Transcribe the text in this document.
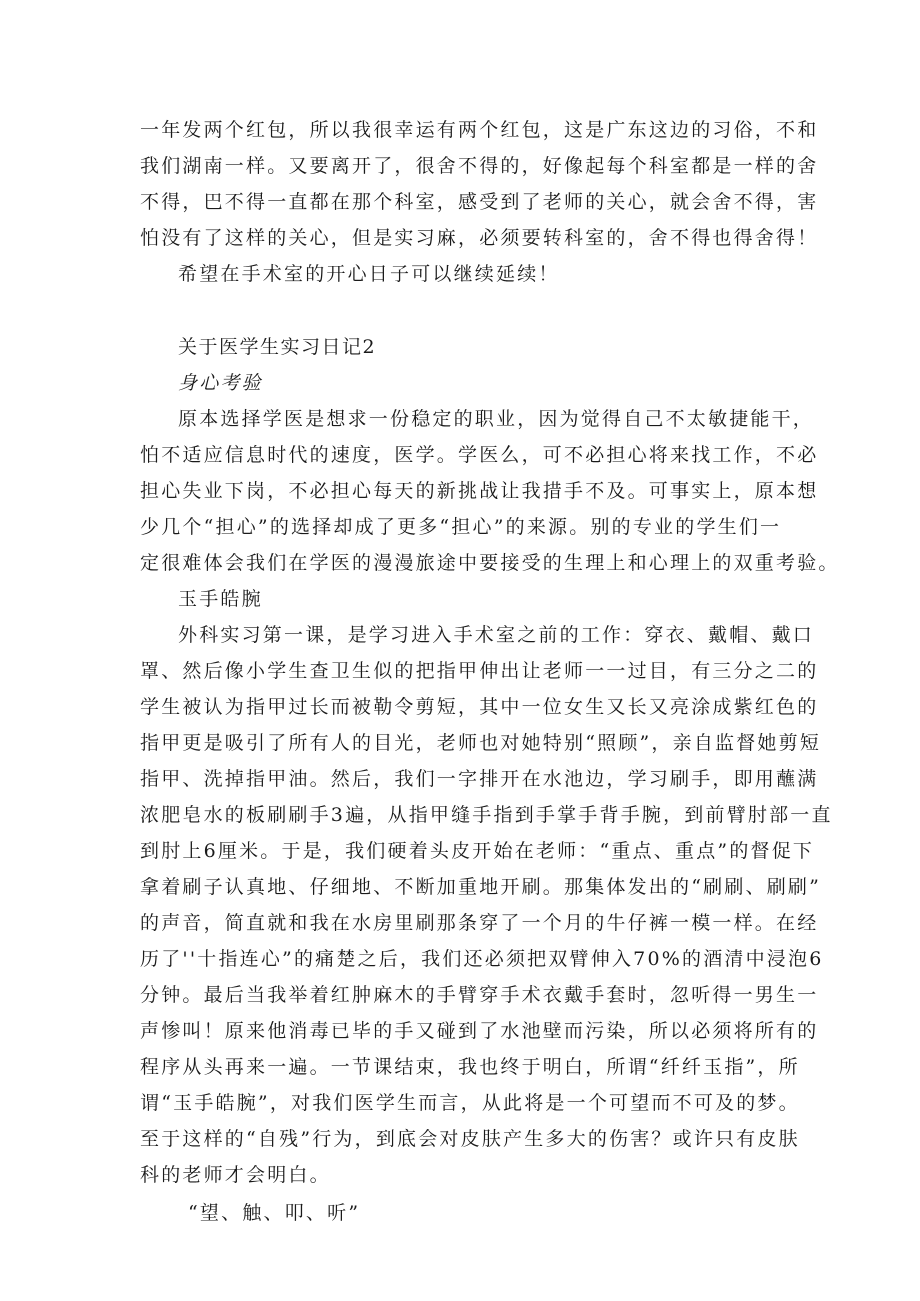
一年发两个红包，所以我很幸运有两个红包，这是广东这边的习俗，不和
我们湖南一样。又要离开了，很舍不得的，好像起每个科室都是一样的舍
不得，巴不得一直都在那个科室，感受到了老师的关心，就会舍不得，害
怕没有了这样的关心，但是实习麻，必须要转科室的，舍不得也得舍得！
希望在手术室的开心日子可以继续延续！
关于医学生实习日记2
身心考验
原本选择学医是想求一份稳定的职业，因为觉得自己不太敏捷能干，
怕不适应信息时代的速度，医学。学医么，可不必担心将来找工作，不必
担心失业下岗，不必担心每天的新挑战让我措手不及。可事实上，原本想
少几个“担心”的选择却成了更多“担心”的来源。别的专业的学生们一
定很难体会我们在学医的漫漫旅途中要接受的生理上和心理上的双重考验。
玉手皓腕
外科实习第一课，是学习进入手术室之前的工作：穿衣、戴帽、戴口
罩、然后像小学生查卫生似的把指甲伸出让老师一一过目，有三分之二的
学生被认为指甲过长而被勒令剪短，其中一位女生又长又亮涂成紫红色的
指甲更是吸引了所有人的目光，老师也对她特别“照顾”，亲自监督她剪短
指甲、洗掉指甲油。然后，我们一字排开在水池边，学习刷手，即用蘸满
浓肥皂水的板刷刷手3遍，从指甲缝手指到手掌手背手腕，到前臂肘部一直
到肘上6厘米。于是，我们硬着头皮开始在老师：“重点、重点”的督促下
拿着刷子认真地、仔细地、不断加重地开刷。那集体发出的“刷刷、刷刷”
的声音，简直就和我在水房里刷那条穿了一个月的牛仔裤一模一样。在经
历了''十指连心”的痛楚之后，我们还必须把双臂伸入70%的酒清中浸泡6
分钟。最后当我举着红肿麻木的手臂穿手术衣戴手套时，忽听得一男生一
声惨叫！原来他消毒已毕的手又碰到了水池壁而污染，所以必须将所有的
程序从头再来一遍。一节课结束，我也终于明白，所谓“纤纤玉指”，所
谓“玉手皓腕”，对我们医学生而言，从此将是一个可望而不可及的梦。
至于这样的“自残”行为，到底会对皮肤产生多大的伤害？或许只有皮肤
科的老师才会明白。
“望、触、叩、听”
